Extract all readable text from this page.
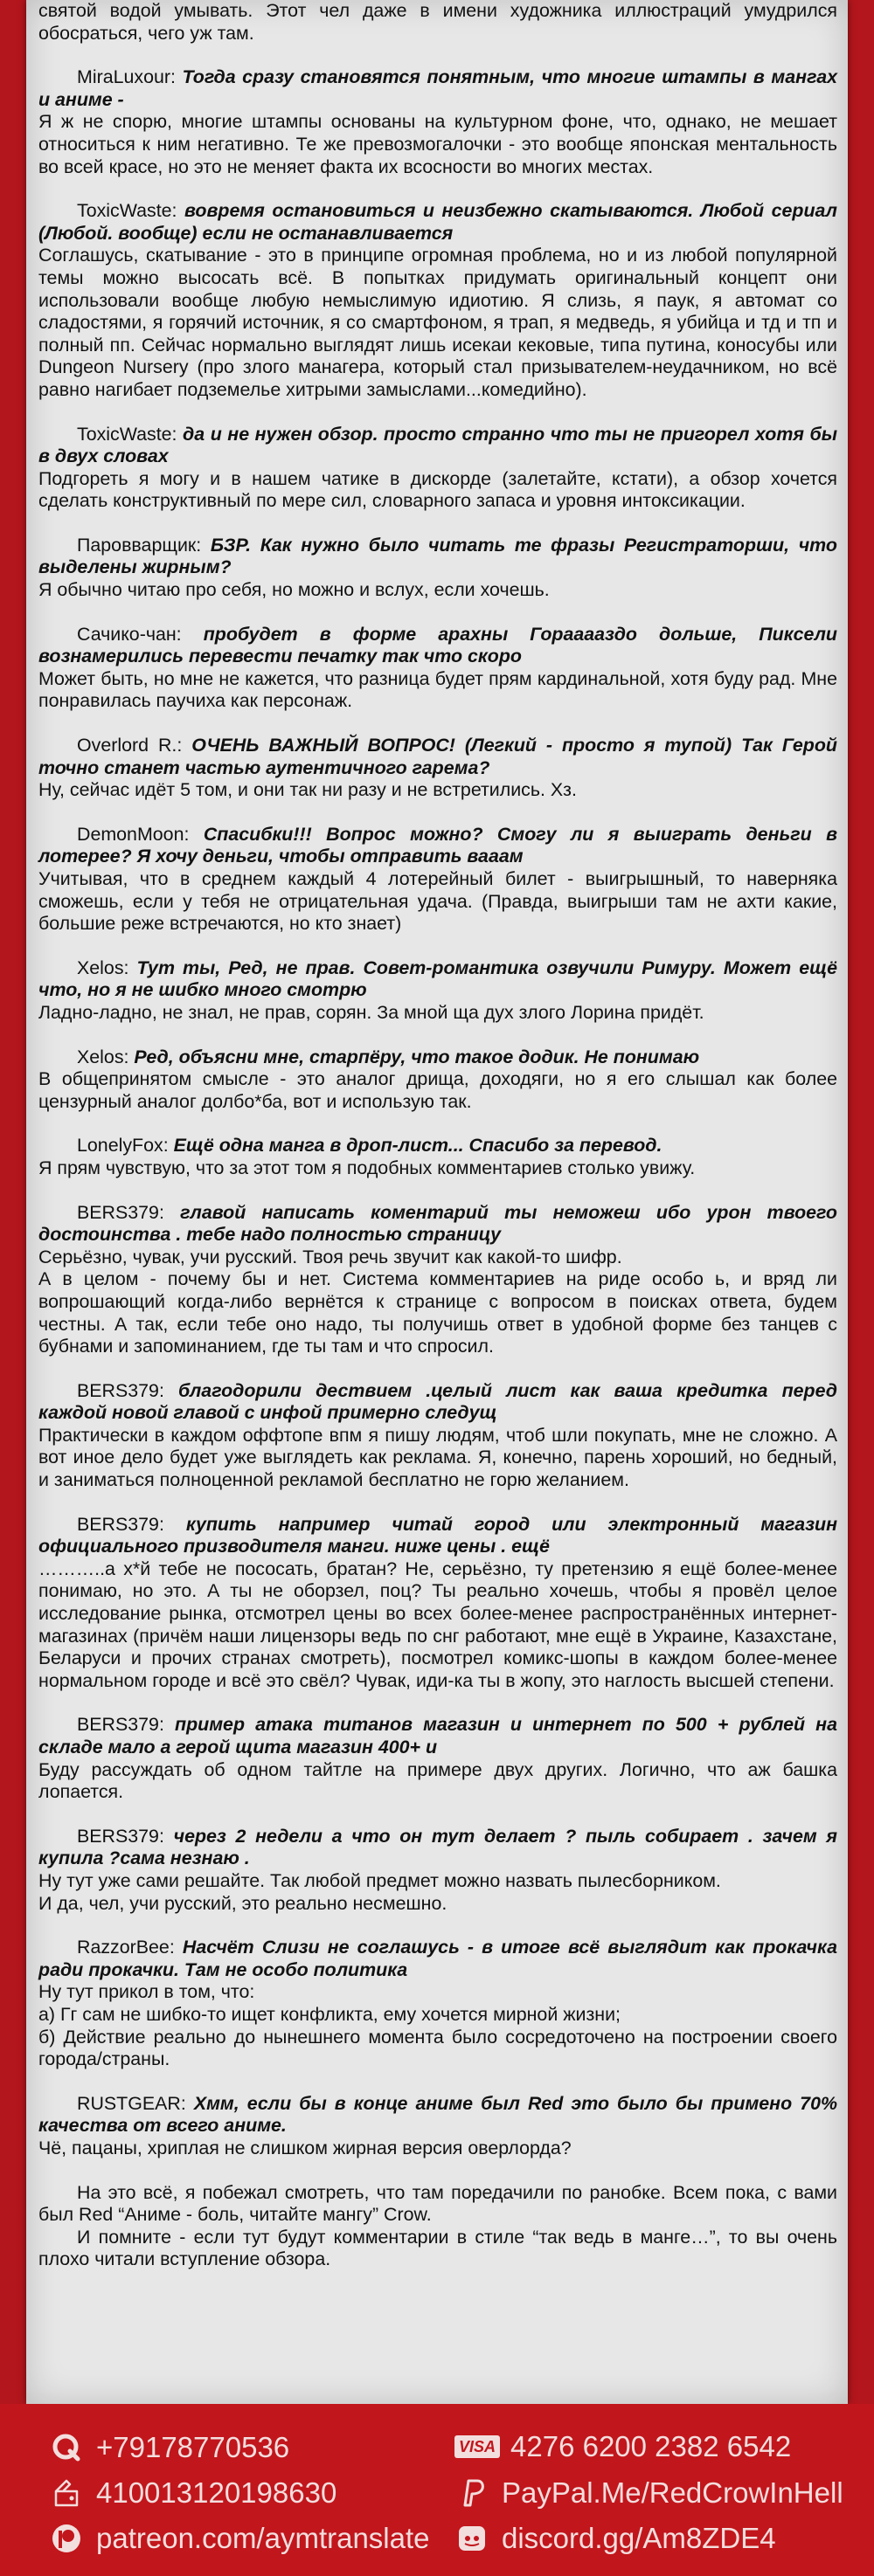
святой водой умывать. Этот чел даже в имени художника иллюстраций умудрился обосраться, чего уж там.

MiraLuxour: Тогда сразу становятся понятным, что многие штампы в мангах и аниме -

Я ж не спорю, многие штампы основаны на культурном фоне, что, однако, не мешает относиться к ним негативно. Те же превозмогалочки - это вообще японская ментальность во всей красе, но это не меняет факта их всосности во многих местах.

ToxicWaste: вовремя остановиться и неизбежно скатываются. Любой сериал (Любой. вообще) если не останавливается

Соглашусь, скатывание - это в принципе огромная проблема, но и из любой популярной темы можно высосать всё. В попытках придумать оригинальный концепт они использовали вообще любую немыслимую идиотию. Я слизь, я паук, я автомат со сладостями, я горячий источник, я со смартфоном, я трап, я медведь, я убийца и тд и тп и полный пп. Сейчас нормально выглядят лишь исекаи кековые, типа путина, коносубы или Dungeon Nursery (про злого манагера, который стал призывателем-неудачником, но всё равно нагибает подземелье хитрыми замыслами...комедийно).

ToxicWaste: да и не нужен обзор. просто странно что ты не пригорел хотя бы в двух словах

Подгореть я могу и в нашем чатике в дискорде (залетайте, кстати), а обзор хочется сделать конструктивный по мере сил, словарного запаса и уровня интоксикации.

Паровварщик: БЗР. Как нужно было читать те фразы Регистраторши, что выделены жирным?

Я обычно читаю про себя, но можно и вслух, если хочешь.

Сачико-чан: пробудет в форме арахны Горааааздо дольше, Пиксели вознамерились перевести печатку так что скоро

Может быть, но мне не кажется, что разница будет прям кардинальной, хотя буду рад. Мне понравилась паучиха как персонаж.

Overlord R.: ОЧЕНЬ ВАЖНЫЙ ВОПРОС! (Легкий - просто я тупой) Так Герой точно станет частью аутентичного гарема?

Ну, сейчас идёт 5 том, и они так ни разу и не встретились. Хз.

DemonMoon: Спасибки!!! Вопрос можно? Смогу ли я выиграть деньги в лотерее? Я хочу деньги, чтобы отправить вааам

Учитывая, что в среднем каждый 4 лотерейный билет - выигрышный, то наверняка сможешь, если у тебя не отрицательная удача. (Правда, выигрыши там не ахти какие, большие реже встречаются, но кто знает)

Xelos: Тут ты, Ред, не прав. Совет-романтика озвучили Римуру. Может ещё что, но я не шибко много смотрю

Ладно-ладно, не знал, не прав, сорян. За мной ща дух злого Лорина придёт.

Xelos: Ред, объясни мне, старпёру, что такое додик. Не понимаю

В общепринятом смысле - это аналог дрища, доходяги, но я его слышал как более цензурный аналог долбо*ба, вот и использую так.

LonelyFox: Ещё одна манга в дроп-лист... Спасибо за перевод.

Я прям чувствую, что за этот том я подобных комментариев столько увижу.

BERS379: главой написать коментарий ты неможеш ибо урон твоего достоинства . тебе надо полностью страницу

Серьёзно, чувак, учи русский. Твоя речь звучит как какой-то шифр.

А в целом - почему бы и нет. Система комментариев на риде особо ь, и вряд ли вопрошающий когда-либо вернётся к странице с вопросом в поисках ответа, будем честны. А так, если тебе оно надо, ты получишь ответ в удобной форме без танцев с бубнами и запоминанием, где ты там и что спросил.

BERS379: благодорили дествием .целый лист как ваша кредитка перед каждой новой главой с инфой примерно следущ

Практически в каждом оффтопе впм я пишу людям, чтоб шли покупать, мне не сложно. А вот иное дело будет уже выглядеть как реклама. Я, конечно, парень хороший, но бедный, и заниматься полноценной рекламой бесплатно не горю желанием.

BERS379: купить например читай город или электронный магазин официального призводителя манги. ниже цены . ещё

………..а х*й тебе не пососать, братан? Не, серьёзно, ту претензию я ещё более-менее понимаю, но это. А ты не оборзел, поц? Ты реально хочешь, чтобы я провёл целое исследование рынка, отсмотрел цены во всех более-менее распространённых интернет-магазинах (причём наши лицензоры ведь по снг работают, мне ещё в Украине, Казахстане, Беларуси и прочих странах смотреть), посмотрел комикс-шопы в каждом более-менее нормальном городе и всё это свёл? Чувак, иди-ка ты в жопу, это наглость высшей степени.

BERS379: пример атака титанов магазин и интернет по 500 + рублей на складе мало а герой щита магазин 400+ и

Буду рассуждать об одном тайтле на примере двух других. Логично, что аж башка лопается.

BERS379: через 2 недели а что он тут делает ? пыль собирает . зачем я купила ?сама незнаю .

Ну тут уже сами решайте. Так любой предмет можно назвать пылесборником.

И да, чел, учи русский, это реально несмешно.

RazzorBee: Насчёт Слизи не соглашусь - в итоге всё выглядит как прокачка ради прокачки. Там не особо политика

Ну тут прикол в том, что:

а) Гг сам не шибко-то ищет конфликта, ему хочется мирной жизни;

б) Действие реально до нынешнего момента было сосредоточено на построении своего города/страны.

RUSTGEAR: Хмм, если бы в конце аниме был Red это было бы примено 70% качества от всего аниме.

Чё, пацаны, хриплая не слишком жирная версия оверлорда?

На это всё, я побежал смотреть, что там поредачили по ранобке. Всем пока, с вами был Red “Аниме - боль, читайте мангу” Crow.

И помните - если тут будут комментарии в стиле “так ведь в манге…”, то вы очень плохо читали вступление обзора.

+79178770536
410013120198630
patreon.com/aymtranslate
VISA 4276 6200 2382 6542
PayPal.Me/RedCrowInHell
discord.gg/Am8ZDE4
